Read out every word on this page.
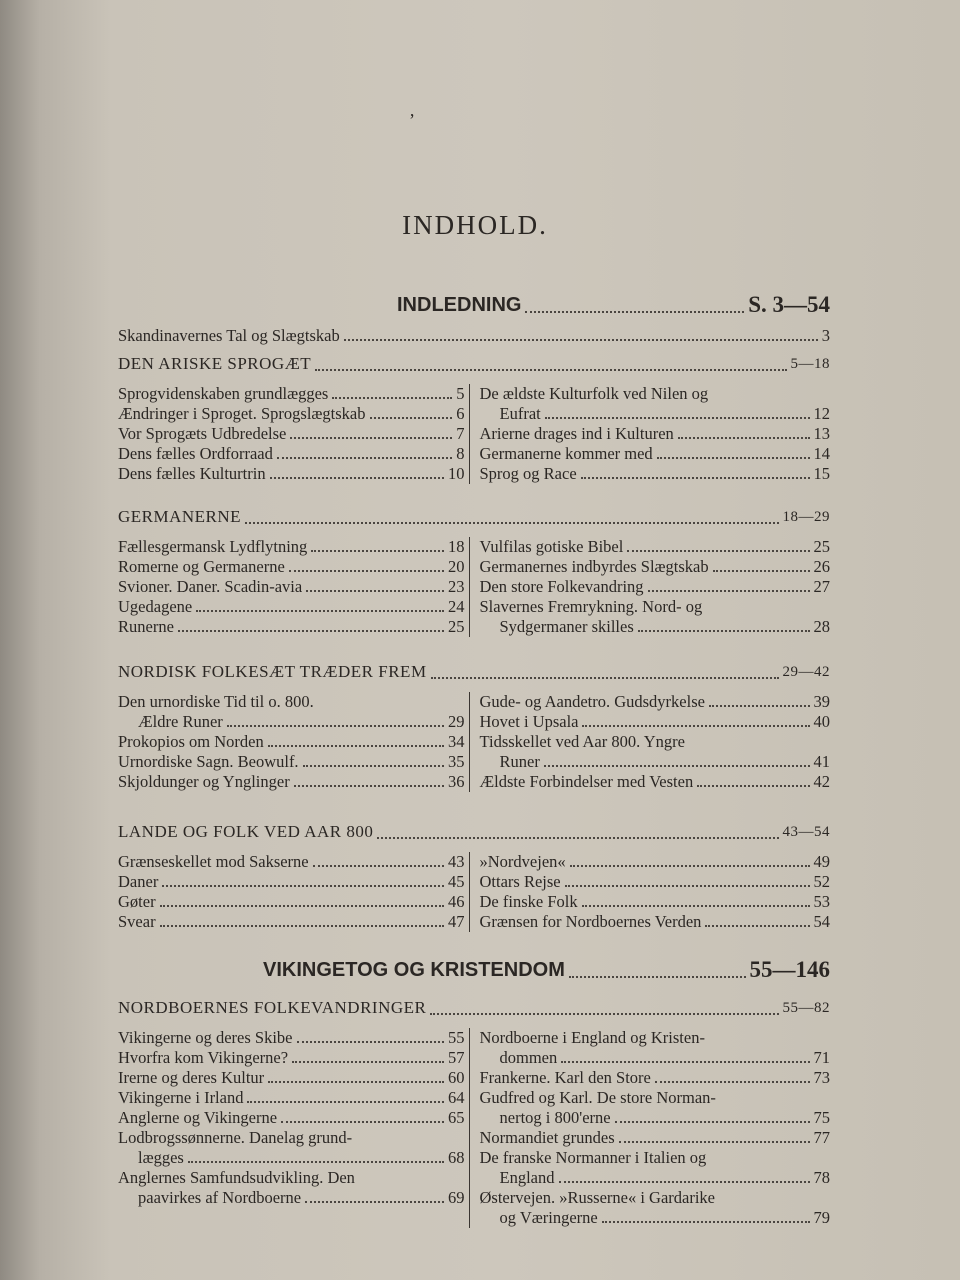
’
INDHOLD.
INDLEDNING	S. 3—54
Skandinavernes Tal og Slægtskab	3
DEN ARISKE SPROGÆT	5—18
Sprogvidenskaben grundlægges	5
Ændringer i Sproget. Sprogslægtskab	6
Vor Sprogæts Udbredelse	7
Dens fælles Ordforraad	8
Dens fælles Kulturtrin	10
De ældste Kulturfolk ved Nilen og
Eufrat	12
Arierne drages ind i Kulturen	13
Germanerne kommer med	14
Sprog og Race	15
GERMANERNE	18—29
Fællesgermansk Lydflytning	18
Romerne og Germanerne	20
Svioner. Daner. Scadin-avia	23
Ugedagene	24
Runerne	25
Vulfilas gotiske Bibel	25
Germanernes indbyrdes Slægtskab	26
Den store Folkevandring	27
Slavernes Fremrykning. Nord- og
Sydgermaner skilles	28
NORDISK FOLKESÆT TRÆDER FREM	29—42
Den urnordiske Tid til o. 800.
Ældre Runer	29
Prokopios om Norden	34
Urnordiske Sagn. Beowulf.	35
Skjoldunger og Ynglinger	36
Gude- og Aandetro. Gudsdyrkelse	39
Hovet i Upsala	40
Tidsskellet ved Aar 800. Yngre
Runer	41
Ældste Forbindelser med Vesten	42
LANDE OG FOLK VED AAR 800	43—54
Grænseskellet mod Sakserne	43
Daner	45
Gøter	46
Svear	47
»Nordvejen«	49
Ottars Rejse	52
De finske Folk	53
Grænsen for Nordboernes Verden	54
VIKINGETOG OG KRISTENDOM	55—146
NORDBOERNES FOLKEVANDRINGER	55—82
Vikingerne og deres Skibe	55
Hvorfra kom Vikingerne?	57
Irerne og deres Kultur	60
Vikingerne i Irland	64
Anglerne og Vikingerne	65
Lodbrogssønnerne. Danelag grund-
lægges	68
Anglernes Samfundsudvikling. Den
paavirkes af Nordboerne	69
Nordboerne i England og Kristen-
dommen	71
Frankerne. Karl den Store	73
Gudfred og Karl. De store Norman-
nertog i 800'erne	75
Normandiet grundes	77
De franske Normanner i Italien og
England	78
Østervejen. »Russerne« i Gardarike
og Væringerne	79
